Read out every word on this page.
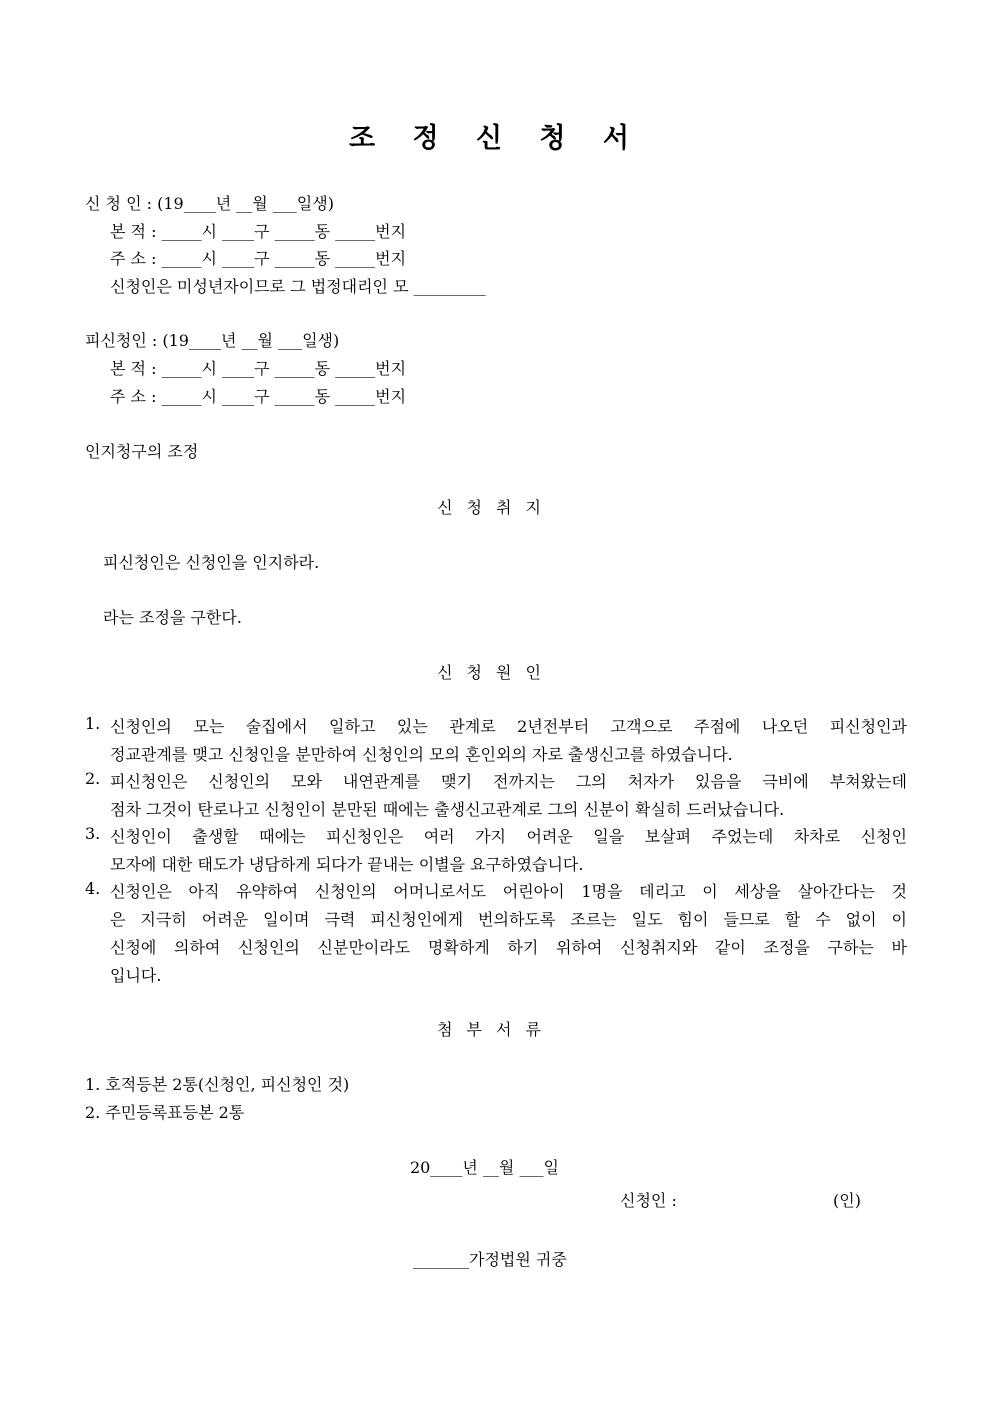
조 정 신 청 서
신 청 인 : (19____년 __월 ___일생)
본 적 : _____시 ____구 _____동 _____번지
주 소 : _____시 ____구 _____동 _____번지
신청인은 미성년자이므로 그 법정대리인 모 _________
피신청인 : (19____년 __월 ___일생)
본 적 : _____시 ____구 _____동 _____번지
주 소 : _____시 ____구 _____동 _____번지
인지청구의 조정
신청취지
피신청인은 신청인을 인지하라.
라는 조정을 구한다.
신청원인
1. 신청인의 모는 술집에서 일하고 있는 관계로 2년전부터 고객으로 주점에 나오던 피신청인과
정교관계를 맺고 신청인을 분만하여 신청인의 모의 혼인외의 자로 출생신고를 하였습니다.
2. 피신청인은 신청인의 모와 내연관계를 맺기 전까지는 그의 처자가 있음을 극비에 부쳐왔는데
점차 그것이 탄로나고 신청인이 분만된 때에는 출생신고관계로 그의 신분이 확실히 드러났습니다.
3. 신청인이 출생할 때에는 피신청인은 여러 가지 어려운 일을 보살펴 주었는데 차차로 신청인
모자에 대한 태도가 냉담하게 되다가 끝내는 이별을 요구하였습니다.
4. 신청인은 아직 유약하여 신청인의 어머니로서도 어린아이 1명을 데리고 이 세상을 살아간다는 것
은 지극히 어려운 일이며 극력 피신청인에게 번의하도록 조르는 일도 힘이 들므로 할 수 없이 이
신청에 의하여 신청인의 신분만이라도 명확하게 하기 위하여 신청취지와 같이 조정을 구하는 바
입니다.
첨부서류
1. 호적등본 2통(신청인, 피신청인 것)
2. 주민등록표등본 2통
20____년 __월 ___일
신청인 :	(인)
_______가정법원 귀중
